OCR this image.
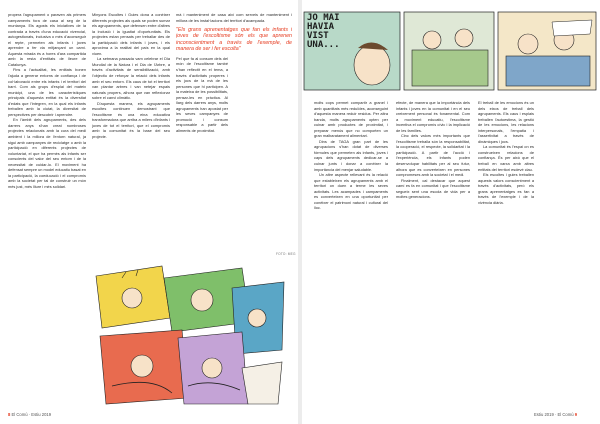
propera l'agrupament o paraven als primers campaments fora de casa al seg de la muntanya. Els agosts els iniciatives de la contrada a través d'una educació vivencial, autogestionats, inclusiva o més d'aconseguir el repte, permeten als infants i joves aprendre a fer via mitjançant un camí. Aquesta mirada és a hores d'ara compartida amb la resta d'entitats de lleure de Catalunya.

Fins a l'actualitat, les entitats bonen l'ajuda a generar entorns de confiança i de col·laboració entre els infants i el territori del barri. Com als grups d'esplai del mateix municipi, una de les característiques principals d'aquesta entitat és la diversitat d'edats que l'integren, en la qual els infants treballen amb la ciutat, la diversitat de perspectives per descobrir i aprendre.

En l'àmbit dels agrupaments, des dels darrers anys s'han creat nombroses projectes relacionats amb la cura del medi ambient i la millora de l'entorn natural, ja sigui amb campanyes de reciclatge o amb la participació en diferents projectes de voluntariat, el que ha permès als infants ser conscients del valor del seu entorn i de la necessitat de cuidar-lo. El moviment ha defensat sempre un model educatiu basat en la participació, la coeducació i el compromís amb la societat per tal de construir un món més just, més lliure i més solidari.

Minyons Escoltes i Guies dona a conèixer diferents projectes als quals se poden sumar els agrupaments, que defensen entre d'altres la inclusió i la igualtat d'oportunitats. Els projectes estan pensats per treballar des de la participació dels infants i joves, i els aproxima a la realitat del país en la qual viuen.

La setmana passada vam celebrar el Dia Mundial de la Natura i el Dia de l'Arbre, a través d'activitats de sensibilització, amb l'objectiu de reforçar la relació dels infants amb el seu entorn. Els caus de tot el territori van plantar arbres i van netejar espais naturals propers, alhora que van reflexionar sobre el canvi climàtic.

D'aquesta manera, els agrupaments escoltes continuen demostrant que l'escoltisme és una eina educativa transformadora que arriba a milers d'infants i joves de tot el territori, que el compromís amb la comunitat és la base del seu projecte.

mà i manteniment de casa així com serveis de manteniment i millora de les instal·lacions del territori d'acampada.

"Els grans aprenentatges que fan els infants i joves de l'escoltisme són els que aprenen inconscientment a través de l'exemple, de manera de ser i fer escolta"

Pel que fa al consum dels del món de l'escoltisme també s'han reflectit en el tema, a través d'activitats properes i els jocs de la mà de les persones que hi participen. A la mateixa de les possibilitats, pensar-les en pràctica. Al llarg dels darrers anys, molts agrupaments han apostat per les seves campanyes de promoció i consum responsable a partir dels aliments de proximitat.

FOTO: MEG
8 El Comú · Estiu 2019
JO MAI
HAVIA
VIST
UNA...

molts cops permet compartir a granel i amb quantitats més reduïdes, aconseguint d'aquesta manera reduir residus. Per altra banda, molts agrupaments opten per cuinar amb productes de proximitat, i preparar menús que no comporten un gran malbaratament alimentari.

Dins de TAGA gran part de les agrupacions s'han dotat de diverses fórmules que permeten als infants, joves i caps dels agrupaments dedicar-se a cuinar junts i donar a conèixer la importància del menjar saludable.

Un altre aspecte rellevant és la relació que estableixen els agrupaments amb el territori on duen a terme les seves activitats. Les acampades i campaments es converteixen en una oportunitat per conèixer el patrimoni natural i cultural del lloc.

efecte, de manera que la importància dels infants i joves en la comunitat i en el seu creixement personal és fonamental. Com a moviment educatiu, l'escoltisme incentiva el compromís cívic i la implicació de les famílies.

Cinc dels valors més importants que l'escoltisme treballa són la responsabilitat, la cooperació, el respecte, la solidaritat i la participació. A partir de l'acció i l'experiència, els infants poden desenvolupar habilitats per al seu futur, alhora que es converteixen en persones compromeses amb la societat i el medi.

Finalment, cal destacar que aquest camí es fa en comunitat i que l'escoltisme segueix sent una escola de vida per a moltes generacions.

El treball de les emocions és un dels eixos de treball dels agrupaments. Els caus i esplais treballen l'autoestima, la gestió de les emocions, les relacions interpersonals, l'empatia i l'assertivitat a través de dinàmiques i jocs.

La comunitat és l'espai on es construeixen relacions de confiança. És per això que el treball en xarxa amb altres entitats del territori esdevé clau.

Els escoltes i guies treballen aquests valors conscientment a través d'activitats, però els grans aprenentatges es fan a través de l'exemple i de la vivència diària.

Estiu 2019 · El Comú 9
